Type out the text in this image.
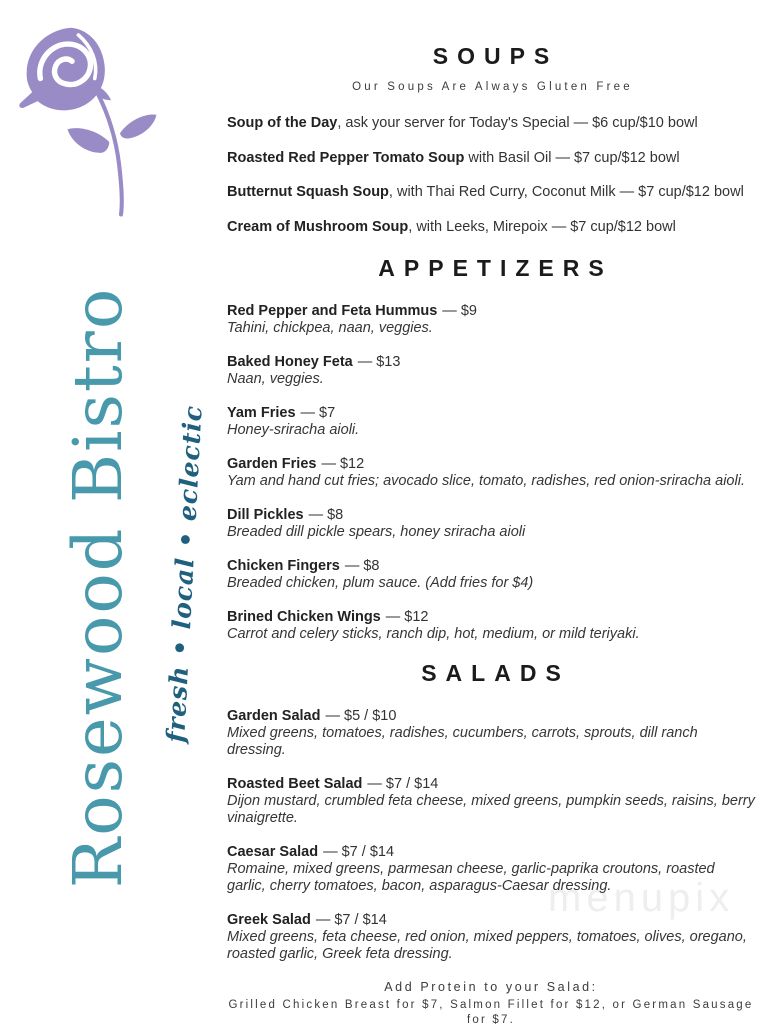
Rosewood Bistro fresh • local • eclectic
menupix
SOUPS
Our Soups Are Always Gluten Free
Soup of the Day, ask your server for Today's Special — $6 cup/$10 bowl
Roasted Red Pepper Tomato Soup with Basil Oil — $7 cup/$12 bowl
Butternut Squash Soup, with Thai Red Curry, Coconut Milk — $7 cup/$12 bowl
Cream of Mushroom Soup, with Leeks, Mirepoix — $7 cup/$12 bowl
APPETIZERS
Red Pepper and Feta Hummus — $9
Tahini, chickpea, naan, veggies.
Baked Honey Feta — $13
Naan, veggies.
Yam Fries — $7
Honey-sriracha aioli.
Garden Fries — $12
Yam and hand cut fries; avocado slice, tomato, radishes, red onion-sriracha aioli.
Dill Pickles — $8
Breaded dill pickle spears, honey sriracha aioli
Chicken Fingers — $8
Breaded chicken, plum sauce. (Add fries for $4)
Brined Chicken Wings — $12
Carrot and celery sticks, ranch dip, hot, medium, or mild teriyaki.
SALADS
Garden Salad — $5 / $10
Mixed greens, tomatoes, radishes, cucumbers, carrots, sprouts, dill ranch dressing.
Roasted Beet Salad — $7 / $14
Dijon mustard, crumbled feta cheese, mixed greens, pumpkin seeds, raisins, berry vinaigrette.
Caesar Salad — $7 / $14
Romaine, mixed greens, parmesan cheese, garlic-paprika croutons, roasted garlic, cherry tomatoes, bacon, asparagus-Caesar dressing.
Greek Salad — $7 / $14
Mixed greens, feta cheese, red onion, mixed peppers, tomatoes, olives, oregano, roasted garlic, Greek feta dressing.
Add Protein to your Salad:
Grilled Chicken Breast for $7, Salmon Fillet for $12, or German Sausage for $7.
